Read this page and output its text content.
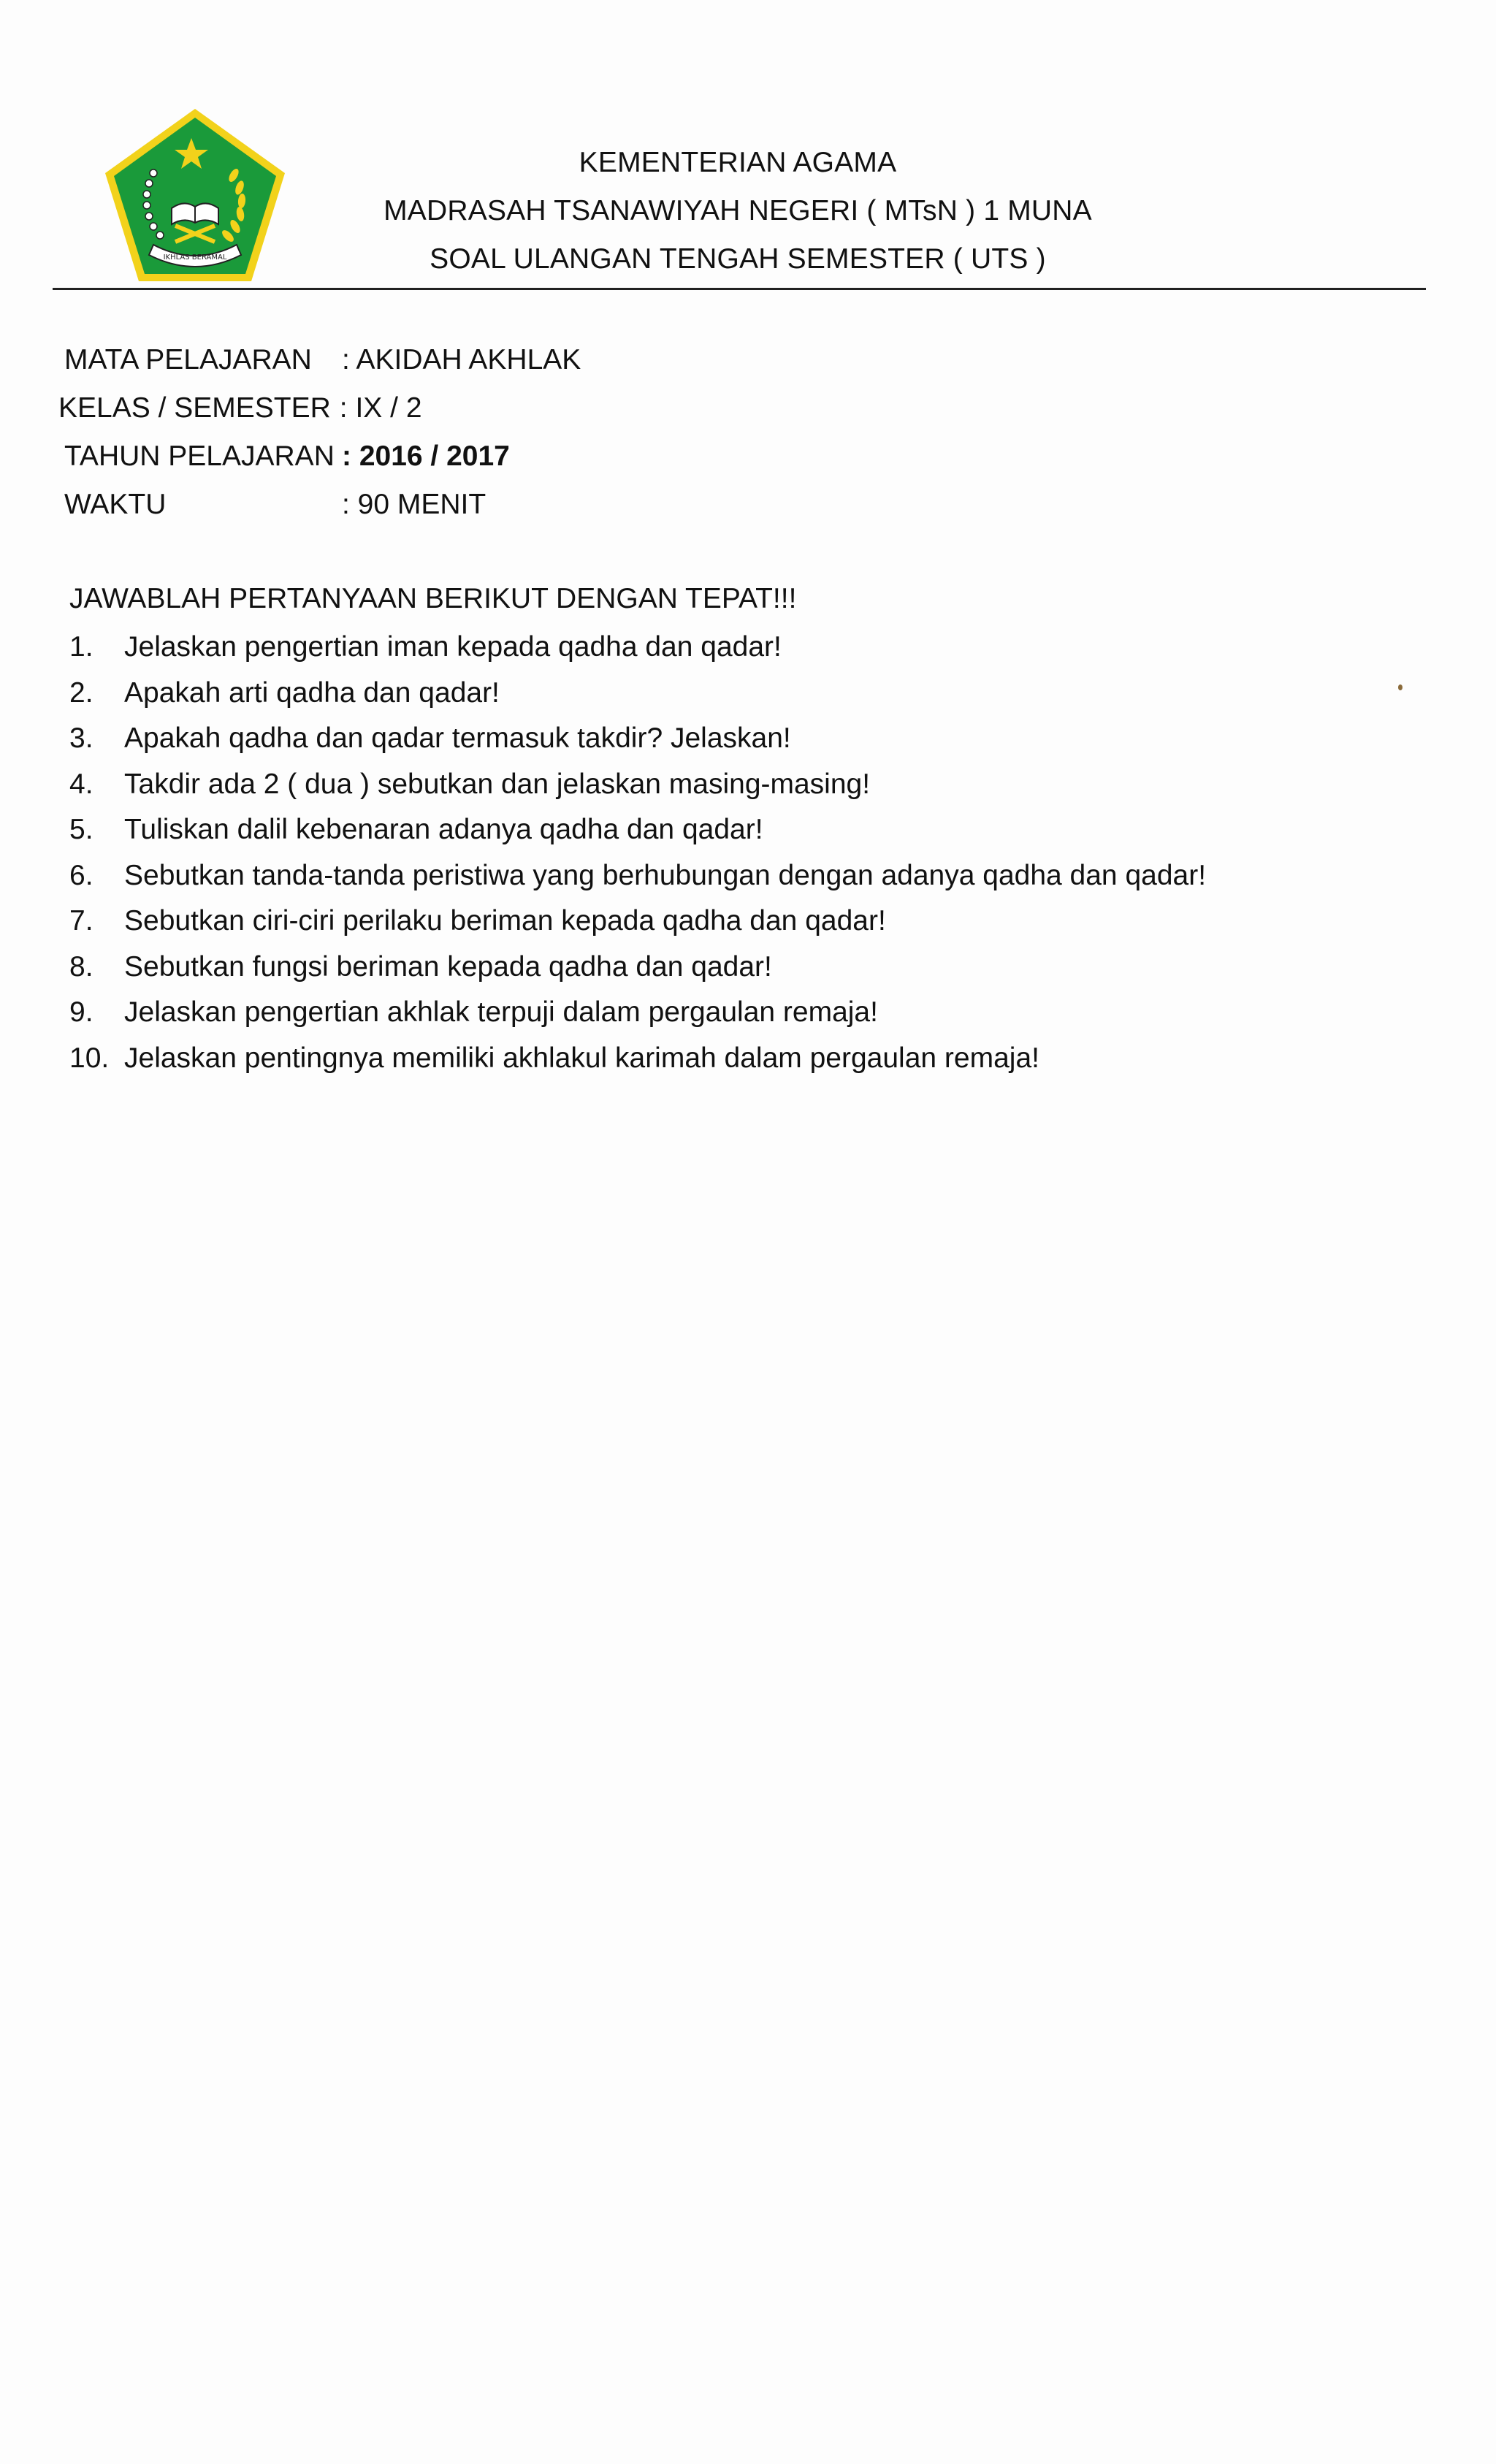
IKHLAS BERAMAL
KEMENTERIAN AGAMA
MADRASAH TSANAWIYAH NEGERI ( MTsN ) 1 MUNA
SOAL ULANGAN TENGAH SEMESTER ( UTS )
MATA PELAJARAN	: AKIDAH AKHLAK
KELAS / SEMESTER : IX / 2
TAHUN PELAJARAN : 2016 / 2017
WAKTU	: 90 MENIT
JAWABLAH PERTANYAAN BERIKUT DENGAN TEPAT!!!
1.	Jelaskan pengertian iman kepada qadha dan qadar!
2.	Apakah arti qadha dan qadar!
3.	Apakah qadha dan qadar termasuk takdir? Jelaskan!
4.	Takdir ada 2 ( dua ) sebutkan dan jelaskan masing-masing!
5.	Tuliskan dalil kebenaran adanya qadha dan qadar!
6.	Sebutkan tanda-tanda peristiwa yang berhubungan dengan adanya qadha dan qadar!
7.	Sebutkan ciri-ciri perilaku beriman kepada qadha dan qadar!
8.	Sebutkan fungsi beriman kepada qadha dan qadar!
9.	Jelaskan pengertian akhlak terpuji dalam pergaulan remaja!
10. Jelaskan pentingnya memiliki akhlakul karimah dalam pergaulan remaja!
